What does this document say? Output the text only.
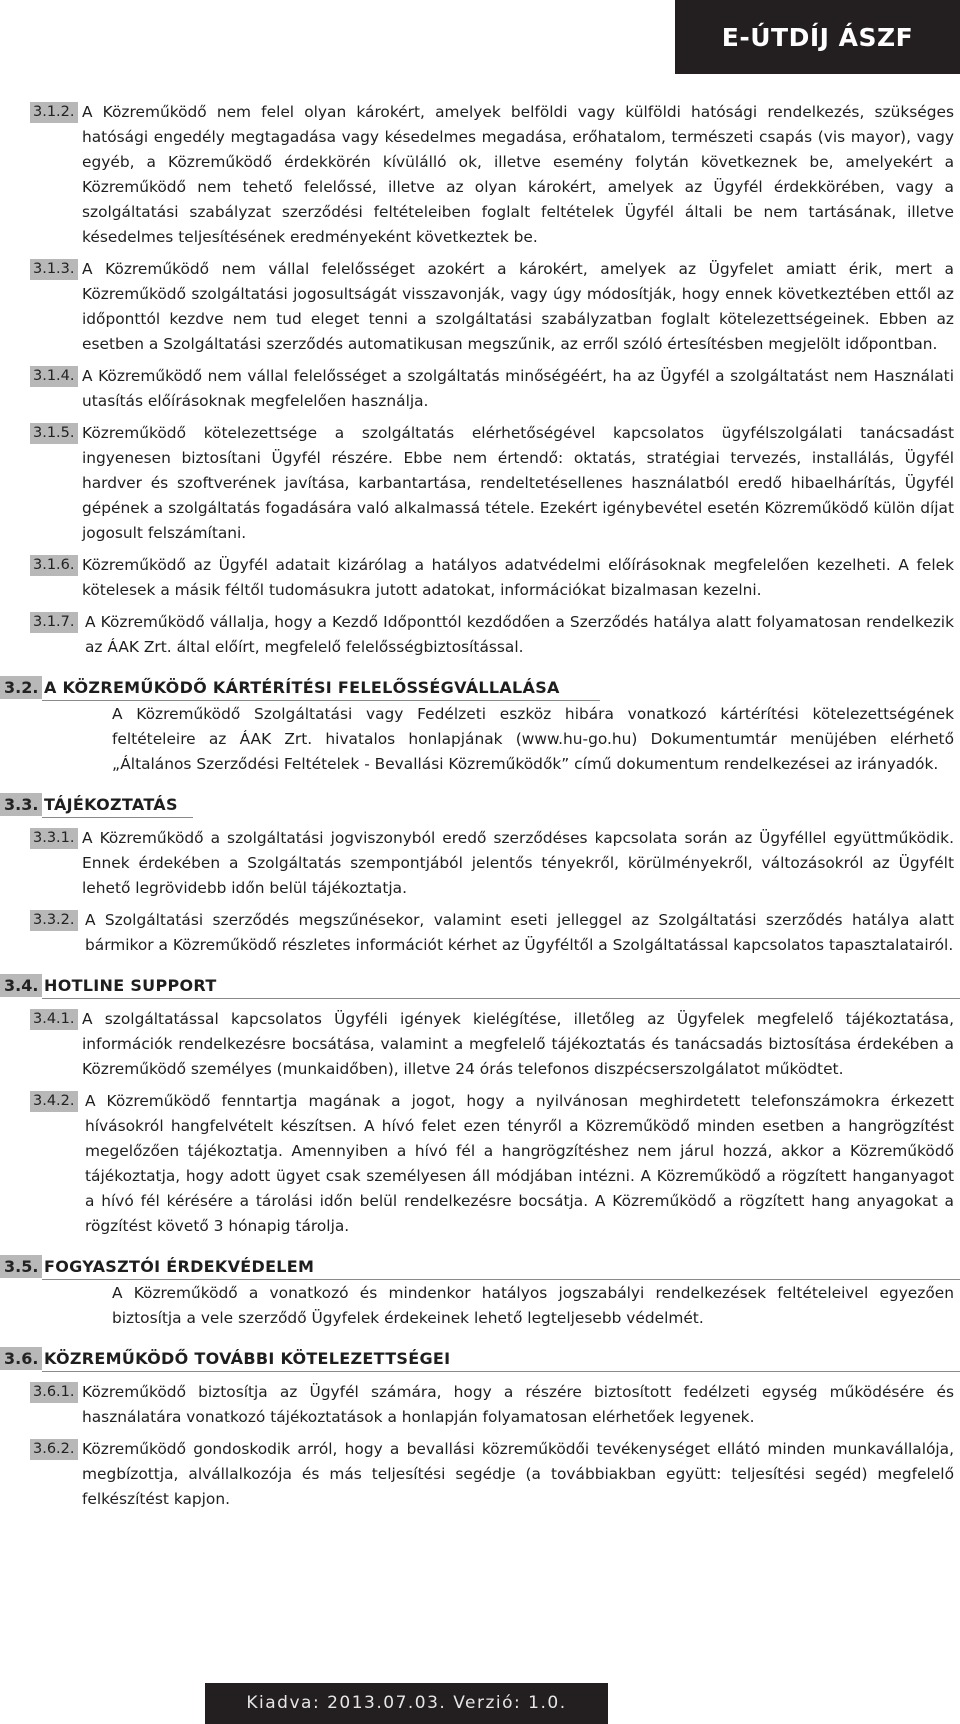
E-ÚTDÍJ ÁSZF
3.1.2. A Közreműködő nem felel olyan károkért, amelyek belföldi vagy külföldi hatósági rendelkezés, szükséges hatósági engedély megtagadása vagy késedelmes megadása, erőhatalom, természeti csapás (vis mayor), vagy egyéb, a Közreműködő érdekkörén kívülálló ok, illetve esemény folytán következnek be, amelyekért a Közreműködő nem tehető felelőssé, illetve az olyan károkért, amelyek az Ügyfél érdekkörében, vagy a szolgáltatási szabályzat szerződési feltételeiben foglalt feltételek Ügyfél általi be nem tartásának, illetve késedelmes teljesítésének eredményeként következtek be.

3.1.3. A Közreműködő nem vállal felelősséget azokért a károkért, amelyek az Ügyfelet amiatt érik, mert a Közreműködő szolgáltatási jogosultságát visszavonják, vagy úgy módosítják, hogy ennek következtében ettől az időponttól kezdve nem tud eleget tenni a szolgáltatási szabályzatban foglalt kötelezettségeinek. Ebben az esetben a Szolgáltatási szerződés automatikusan megszűnik, az erről szóló értesítésben megjelölt időpontban.

3.1.4. A Közreműködő nem vállal felelősséget a szolgáltatás minőségéért, ha az Ügyfél a szolgáltatást nem Használati utasítás előírásoknak megfelelően használja.

3.1.5. Közreműködő kötelezettsége a szolgáltatás elérhetőségével kapcsolatos ügyfélszolgálati tanácsadást ingyenesen biztosítani Ügyfél részére. Ebbe nem értendő: oktatás, stratégiai tervezés, installálás, Ügyfél hardver és szoftverének javítása, karbantartása, rendeltetésellenes használatból eredő hibaelhárítás, Ügyfél gépének a szolgáltatás fogadására való alkalmassá tétele. Ezekért igénybevétel esetén Közreműködő külön díjat jogosult felszámítani.

3.1.6. Közreműködő az Ügyfél adatait kizárólag a hatályos adatvédelmi előírásoknak megfelelően kezelheti. A felek kötelesek a másik féltől tudomásukra jutott adatokat, információkat bizalmasan kezelni.

3.1.7. A Közreműködő vállalja, hogy a Kezdő Időponttól kezdődően a Szerződés hatálya alatt folyamatosan rendelkezik az ÁAK Zrt. által előírt, megfelelő felelősségbiztosítással.

3.2. A KÖZREMŰKÖDŐ KÁRTÉRÍTÉSI FELELŐSSÉGVÁLLALÁSA

A Közreműködő Szolgáltatási vagy Fedélzeti eszköz hibára vonatkozó kártérítési kötelezettségének feltételeire az ÁAK Zrt. hivatalos honlapjának (www.hu-go.hu) Dokumentumtár menüjében elérhető „Általános Szerződési Feltételek - Bevallási Közreműködők” című dokumentum rendelkezései az irányadók.

3.3. TÁJÉKOZTATÁS
3.3.1. A Közreműködő a szolgáltatási jogviszonyból eredő szerződéses kapcsolata során az Ügyféllel együttműködik. Ennek érdekében a Szolgáltatás szempontjából jelentős tényekről, körülményekről, változásokról az Ügyfélt lehető legrövidebb időn belül tájékoztatja.

3.3.2. A Szolgáltatási szerződés megszűnésekor, valamint eseti jelleggel az Szolgáltatási szerződés hatálya alatt bármikor a Közreműködő részletes információt kérhet az Ügyféltől a Szolgáltatással kapcsolatos tapasztalatairól.

3.4. HOTLINE SUPPORT
3.4.1. A szolgáltatással kapcsolatos Ügyféli igények kielégítése, illetőleg az Ügyfelek megfelelő tájékoztatása, információk rendelkezésre bocsátása, valamint a megfelelő tájékoztatás és tanácsadás biztosítása érdekében a Közreműködő személyes (munkaidőben), illetve 24 órás telefonos diszpécserszolgálatot működtet.

3.4.2. A Közreműködő fenntartja magának a jogot, hogy a nyilvánosan meghirdetett telefonszámokra érkezett hívásokról hangfelvételt készítsen. A hívó felet ezen tényről a Közreműködő minden esetben a hangrögzítést megelőzően tájékoztatja. Amennyiben a hívó fél a hangrögzítéshez nem járul hozzá, akkor a Közreműködő tájékoztatja, hogy adott ügyet csak személyesen áll módjában intézni. A Közreműködő a rögzített hanganyagot a hívó fél kérésére a tárolási időn belül rendelkezésre bocsátja. A Közreműködő a rögzített hang anyagokat a rögzítést követő 3 hónapig tárolja.

3.5. FOGYASZTÓI ÉRDEKVÉDELEM

A Közreműködő a vonatkozó és mindenkor hatályos jogszabályi rendelkezések feltételeivel egyezően biztosítja a vele szerződő Ügyfelek érdekeinek lehető legteljesebb védelmét.

3.6. KÖZREMŰKÖDŐ TOVÁBBI KÖTELEZETTSÉGEI
3.6.1. Közreműködő biztosítja az Ügyfél számára, hogy a részére biztosított fedélzeti egység működésére és használatára vonatkozó tájékoztatások a honlapján folyamatosan elérhetőek legyenek.

3.6.2. Közreműködő gondoskodik arról, hogy a bevallási közreműködői tevékenységet ellátó minden munkavállalója, megbízottja, alvállalkozója és más teljesítési segédje (a továbbiakban együtt: teljesítési segéd) megfelelő felkészítést kapjon.

Kiadva: 2013.07.03. Verzió: 1.0.
